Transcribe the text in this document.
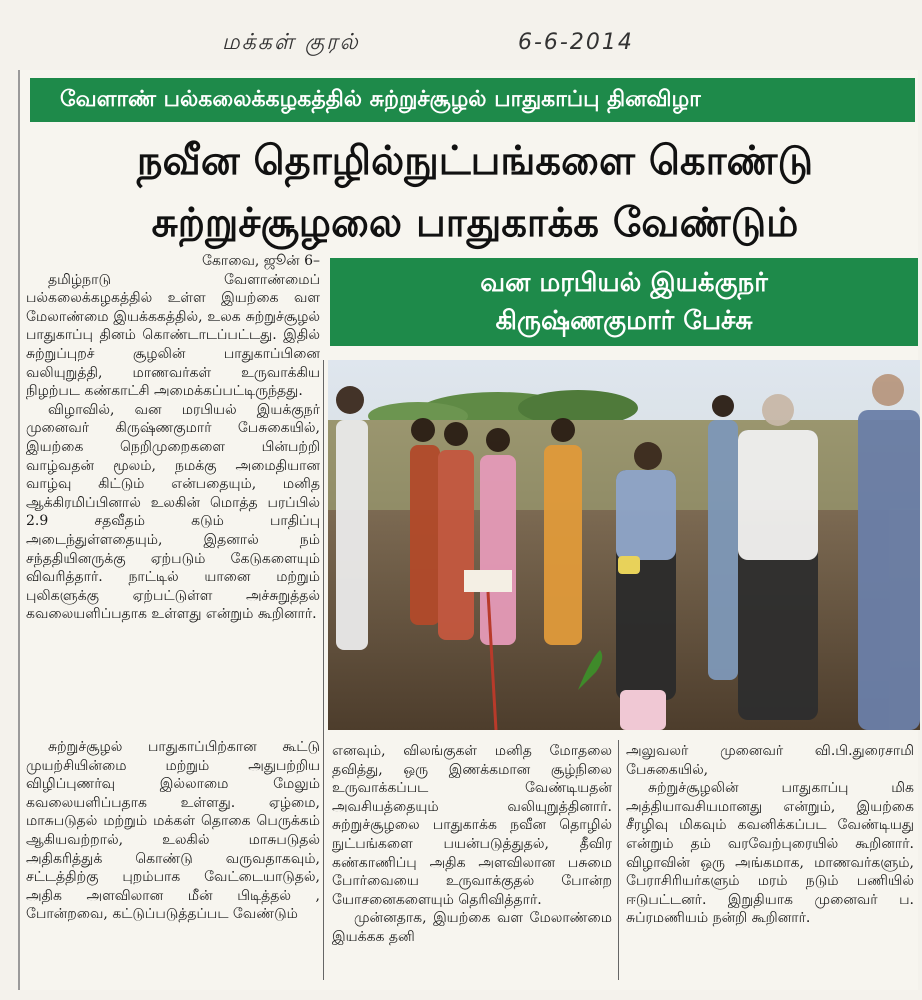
மக்கள் குரல்	6-6-2014
வேளாண் பல்கலைக்கழகத்தில் சுற்றுச்சூழல் பாதுகாப்பு தினவிழா
நவீன தொழில்நுட்பங்களை கொண்டு
சுற்றுச்சூழலை பாதுகாக்க வேண்டும்
வன மரபியல் இயக்குநர்
கிருஷ்ணகுமார் பேச்சு

கோவை, ஜூன் 6–

தமிழ்நாடு வேளாண்மைப் பல்கலைக்கழகத்தில் உள்ள இயற்கை வள மேலாண்மை இயக்ககத்தில், உலக சுற்றுச்சூழல் பாதுகாப்பு தினம் கொண்டாடப்பட்டது. இதில் சுற்றுப்புறச் சூழலின் பாதுகாப்பினை வலியுறுத்தி, மாணவர்கள் உருவாக்கிய நிழற்பட கண்காட்சி அமைக்கப்பட்டிருந்தது.

விழாவில், வன மரபியல் இயக்குநர் முனைவர் கிருஷ்ணகுமார் பேசுகையில், இயற்கை நெறிமுறைகளை பின்பற்றி வாழ்வதன் மூலம், நமக்கு அமைதியான வாழ்வு கிட்டும் என்பதையும், மனித ஆக்கிரமிப்பினால் உலகின் மொத்த பரப்பில் 2.9 சதவீதம் கடும் பாதிப்பு அடைந்துள்ளதையும், இதனால் நம் சந்ததியினருக்கு ஏற்படும் கேடுகளையும் விவரித்தார். நாட்டில் யானை மற்றும் புலிகளுக்கு ஏற்பட்டுள்ள அச்சுறுத்தல் கவலையளிப்பதாக உள்ளது என்றும் கூறினார்.

சுற்றுச்சூழல் பாதுகாப்பிற்கான கூட்டு முயற்சியின்மை மற்றும் அதுபற்றிய விழிப்புணர்வு இல்லாமை மேலும் கவலையளிப்பதாக உள்ளது. ஏழ்மை, மாசுபடுதல் மற்றும் மக்கள் தொகை பெருக்கம் ஆகியவற்றால், உலகில் மாசுபடுதல் அதிகரித்துக் கொண்டு வருவதாகவும், சட்டத்திற்கு புறம்பாக வேட்டையாடுதல், அதிக அளவிலான மீன் பிடித்தல் , போன்றவை, கட்டுப்படுத்தப்பட வேண்டும்

எனவும், விலங்குகள் மனித மோதலை தவித்து, ஒரு இணக்கமான சூழ்நிலை உருவாக்கப்பட வேண்டியதன் அவசியத்தையும் வலியுறுத்தினார். சுற்றுச்சூழலை பாதுகாக்க நவீன தொழில் நுட்பங்களை பயன்படுத்துதல், தீவிர கண்காணிப்பு அதிக அளவிலான பசுமை போர்வையை உருவாக்குதல் போன்ற யோசனைகளையும் தெரிவித்தார்.

முன்னதாக, இயற்கை வள மேலாண்மை இயக்கக தனி

அலுவலர் முனைவர் வி.பி.துரைசாமி பேசுகையில்,

சுற்றுச்சூழலின் பாதுகாப்பு மிக அத்தியாவசியமானது என்றும், இயற்கை சீரழிவு மிகவும் கவனிக்கப்பட வேண்டியது என்றும் தம் வரவேற்புரையில் கூறினார். விழாவின் ஒரு அங்கமாக, மாணவர்களும், பேராசிரியர்களும் மரம் நடும் பணியில் ஈடுபட்டனர். இறுதியாக முனைவர் ப. சுப்ரமணியம் நன்றி கூறினார்.
